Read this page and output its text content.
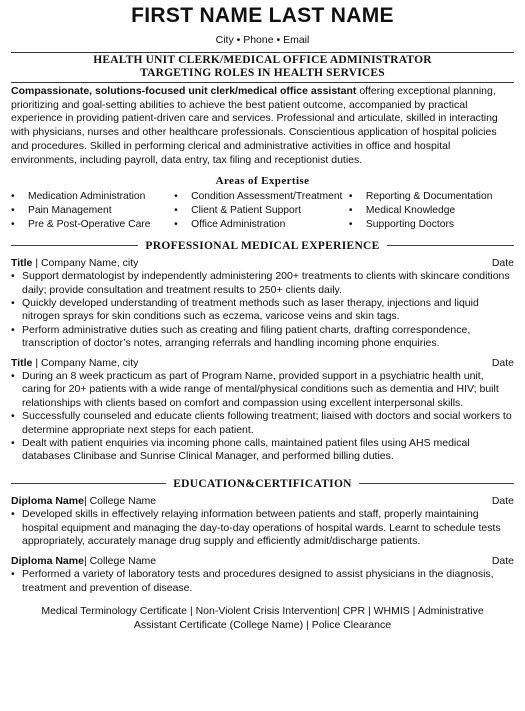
FIRST NAME LAST NAME
City • Phone • Email
HEALTH UNIT CLERK/MEDICAL OFFICE ADMINISTRATOR
TARGETING ROLES IN HEALTH SERVICES

Compassionate, solutions-focused unit clerk/medical office assistant offering exceptional planning, prioritizing and goal-setting abilities to achieve the best patient outcome, accompanied by practical experience in providing patient-driven care and services. Professional and articulate, skilled in interacting with physicians, nurses and other healthcare professionals. Conscientious application of hospital policies and procedures. Skilled in performing clerical and administrative activities in office and hospital environments, including payroll, data entry, tax filing and receptionist duties.

Areas of Expertise
• Medication Administration
• Pain Management
• Pre & Post-Operative Care
• Condition Assessment/Treatment
• Client & Patient Support
• Office Administration
• Reporting & Documentation
• Medical Knowledge
• Supporting Doctors
PROFESSIONAL MEDICAL EXPERIENCE
Title | Company Name, city	Date
• Support dermatologist by independently administering 200+ treatments to clients with skincare conditions daily; provide consultation and treatment results to 250+ clients daily.
• Quickly developed understanding of treatment methods such as laser therapy, injections and liquid nitrogen sprays for skin conditions such as eczema, varicose veins and skin tags.
• Perform administrative duties such as creating and filing patient charts, drafting correspondence, transcription of doctor’s notes, arranging referrals and handling incoming phone enquiries.
Title | Company Name, city	Date
• During an 8 week practicum as part of Program Name, provided support in a psychiatric health unit, caring for 20+ patients with a wide range of mental/physical conditions such as dementia and HIV; built relationships with clients based on comfort and compassion using excellent interpersonal skills.
• Successfully counseled and educate clients following treatment; liaised with doctors and social workers to determine appropriate next steps for each patient.
• Dealt with patient enquiries via incoming phone calls, maintained patient files using AHS medical databases Clinibase and Sunrise Clinical Manager, and performed billing duties.
EDUCATION&CERTIFICATION
Diploma Name| College Name	Date
• Developed skills in effectively relaying information between patients and staff, properly maintaining hospital equipment and managing the day-to-day operations of hospital wards. Learnt to schedule tests appropriately, accurately manage drug supply and efficiently admit/discharge patients.
Diploma Name| College Name	Date
• Performed a variety of laboratory tests and procedures designed to assist physicians in the diagnosis, treatment and prevention of disease.
Medical Terminology Certificate | Non-Violent Crisis Intervention| CPR | WHMIS | Administrative
Assistant Certificate (College Name) | Police Clearance
